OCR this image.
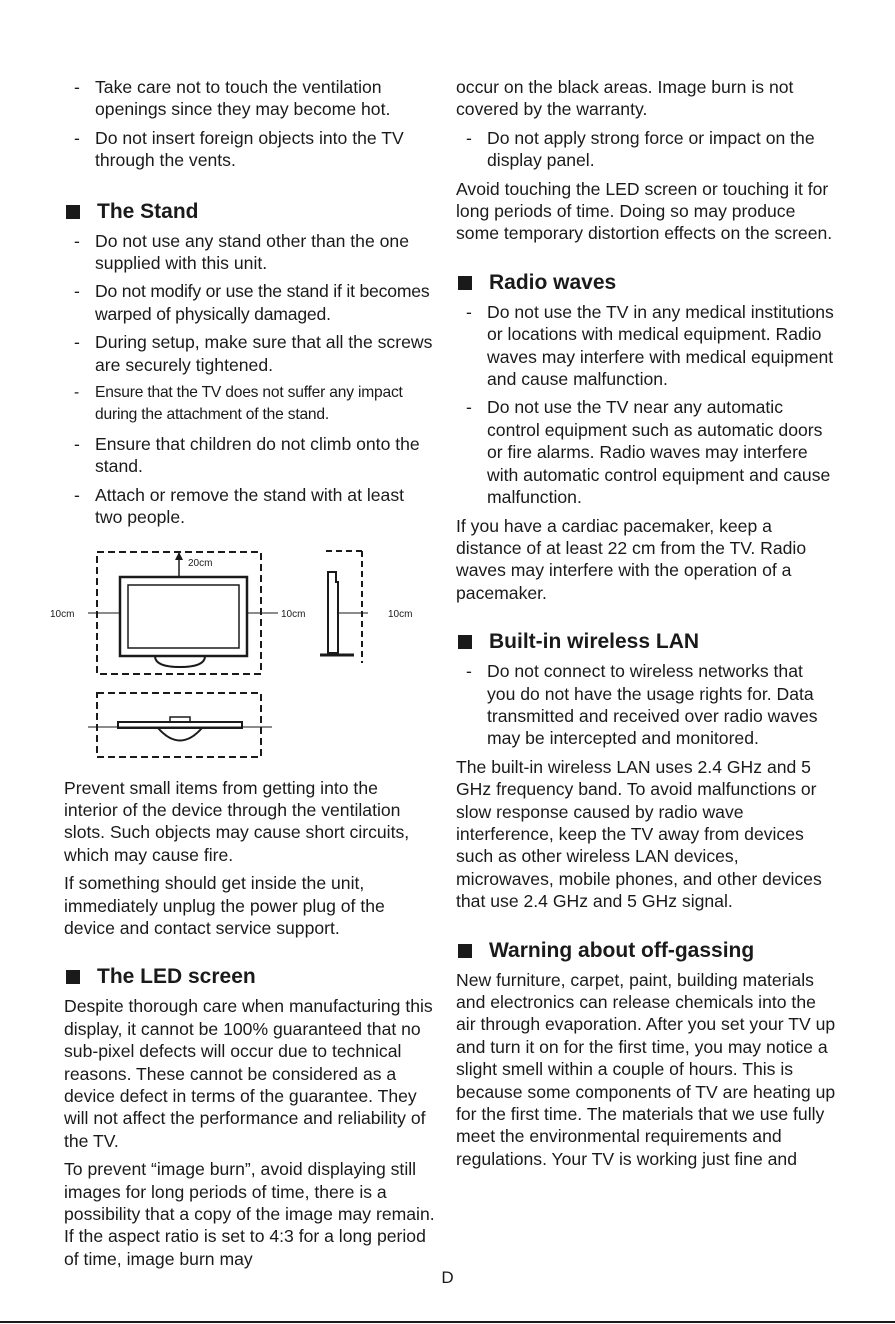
- Take care not to touch the ventilation openings since they may become hot.
- Do not insert foreign objects into the TV through the vents.
The Stand
- Do not use any stand other than the one supplied with this unit.
- Do not modify or use the stand if it becomes warped of physically damaged.
- During setup, make sure that all the screws are securely tightened.
- Ensure that the TV does not suffer any impact during the attachment of the stand.
- Ensure that children do not climb onto the stand.
- Attach or remove the stand with at least two people.
20cm
10cm	10cm	10cm

Prevent small items from getting into the interior of the device through the ventilation slots. Such objects may cause short circuits, which may cause fire.

If something should get inside the unit, immediately unplug the power plug of the device and contact service support.

The LED screen

Despite thorough care when manufacturing this display, it cannot be 100% guaranteed that no sub-pixel defects will occur due to technical reasons. These cannot be considered as a device defect in terms of the guarantee. They will not affect the performance and reliability of the TV.

To prevent “image burn”, avoid displaying still images for long periods of time, there is a possibility that a copy of the image may remain. If the aspect ratio is set to 4:3 for a long period of time, image burn may

occur on the black areas. Image burn is not covered by the warranty.

- Do not apply strong force or impact on the display panel.

Avoid touching the LED screen or touching it for long periods of time. Doing so may produce some temporary distortion effects on the screen.

Radio waves
- Do not use the TV in any medical institutions or locations with medical equipment. Radio waves may interfere with medical equipment and cause malfunction.
- Do not use the TV near any automatic control equipment such as automatic doors or fire alarms. Radio waves may interfere with automatic control equipment and cause malfunction.

If you have a cardiac pacemaker, keep a distance of at least 22 cm from the TV. Radio waves may interfere with the operation of a pacemaker.

Built-in wireless LAN
- Do not connect to wireless networks that you do not have the usage rights for. Data transmitted and received over radio waves may be intercepted and monitored.

The built-in wireless LAN uses 2.4 GHz and 5 GHz frequency band. To avoid malfunctions or slow response caused by radio wave interference, keep the TV away from devices such as other wireless LAN devices, microwaves, mobile phones, and other devices that use 2.4 GHz and 5 GHz signal.

Warning about off-gassing

New furniture, carpet, paint, building materials and electronics can release chemicals into the air through evaporation. After you set your TV up and turn it on for the first time, you may notice a slight smell within a couple of hours. This is because some components of TV are heating up for the first time. The materials that we use fully meet the environmental requirements and regulations. Your TV is working just fine and

D
